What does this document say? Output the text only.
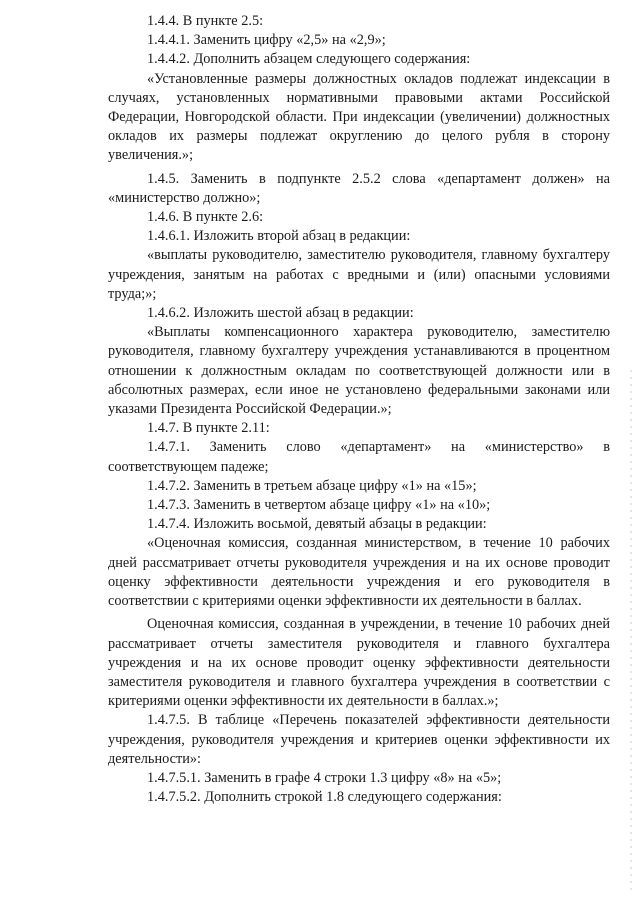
1.4.4. В пункте 2.5:

1.4.4.1. Заменить цифру «2,5» на «2,9»;

1.4.4.2. Дополнить абзацем следующего содержания:

«Установленные размеры должностных окладов подлежат индексации в случаях, установленных нормативными правовыми актами Российской Федерации, Новгородской области. При индексации (увеличении) должностных окладов их размеры подлежат округлению до целого рубля в сторону увеличения.»;

1.4.5. Заменить в подпункте 2.5.2 слова «департамент должен» на «министерство должно»;

1.4.6. В пункте 2.6:

1.4.6.1. Изложить второй абзац в редакции:

«выплаты руководителю, заместителю руководителя, главному бухгалтеру учреждения, занятым на работах с вредными и (или) опасными условиями труда;»;

1.4.6.2. Изложить шестой абзац в редакции:

«Выплаты компенсационного характера руководителю, заместителю руководителя, главному бухгалтеру учреждения устанавливаются в процентном отношении к должностным окладам по соответствующей должности или в абсолютных размерах, если иное не установлено федеральными законами или указами Президента Российской Федерации.»;

1.4.7. В пункте 2.11:

1.4.7.1. Заменить слово «департамент» на «министерство» в соответствующем падеже;

1.4.7.2. Заменить в третьем абзаце цифру «1» на «15»;

1.4.7.3. Заменить в четвертом абзаце цифру «1» на «10»;

1.4.7.4. Изложить восьмой, девятый абзацы в редакции:

«Оценочная комиссия, созданная министерством, в течение 10 рабочих дней рассматривает отчеты руководителя учреждения и на их основе проводит оценку эффективности деятельности учреждения и его руководителя в соответствии с критериями оценки эффективности их деятельности в баллах.

Оценочная комиссия, созданная в учреждении, в течение 10 рабочих дней рассматривает отчеты заместителя руководителя и главного бухгалтера учреждения и на их основе проводит оценку эффективности деятельности заместителя руководителя и главного бухгалтера учреждения в соответствии с критериями оценки эффективности их деятельности в баллах.»;

1.4.7.5. В таблице «Перечень показателей эффективности деятельности учреждения, руководителя учреждения и критериев оценки эффективности их деятельности»:

1.4.7.5.1. Заменить в графе 4 строки 1.3 цифру «8» на «5»;

1.4.7.5.2. Дополнить строкой 1.8 следующего содержания:
